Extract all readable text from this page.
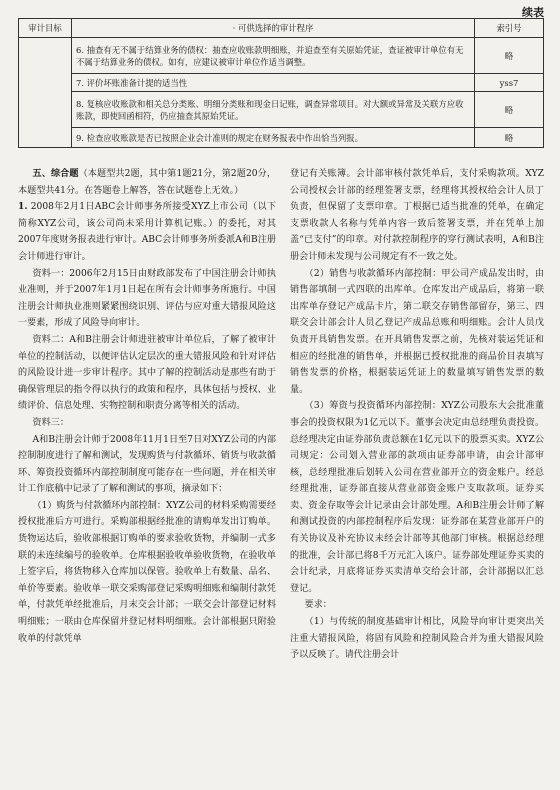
续表
审计目标	· 可供选择的审计程序	索引号
	6. 抽查有无不属于结算业务的债权：抽查应收账款明细账，并追查至有关原始凭证，查证被审计单位有无不属于结算业务的债权。如有，应建议被审计单位作适当调整。	略
	7. 评价坏账准备计提的适当性	yss7
	8. 复核应收账款和相关总分类账、明细分类账和现金日记账，调查异常项目。对大额或异常及关联方应收账款，即使回函相符，仍应抽查其原始凭证。	略
	9. 检查应收账款是否已按照企业会计准则的规定在财务报表中作出恰当列报。	略

五、综合题（本题型共2题，其中第1题21分，第2题20分，本题型共41分。在答题卷上解答，答在试题卷上无效。）

1. 2008年2月1日ABC会计师事务所接受XYZ上市公司（以下简称XYZ公司，该公司尚未采用计算机记账。）的委托，对其2007年度财务报表进行审计。ABC会计师事务所委派A和B注册会计师进行审计。

资料一：2006年2月15日由财政部发布了中国注册会计师执业准则，并于2007年1月1日起在所有会计师事务所施行。中国注册会计师执业准则紧紧围绕识别、评估与应对重大错报风险这一要素，形成了风险导向审计。

资料二：A和B注册会计师进驻被审计单位后，了解了被审计单位的控制活动，以便评估认定层次的重大错报风险和针对评估的风险设计进一步审计程序。其中了解的控制活动是那些有助于确保管理层的指令得以执行的政策和程序，具体包括与授权、业绩评价、信息处理、实物控制和职责分离等相关的活动。

资料三：

A和B注册会计师于2008年11月1日至7日对XYZ公司的内部控制制度进行了解和测试，发现购货与付款循环、销货与收款循环、筹资投资循环内部控制制度可能存在一些问题，并在相关审计工作底稿中记录了了解和测试的事项，摘录如下：

（1）购货与付款循环内部控制：XYZ公司的材料采购需要经授权批准后方可进行。采购部根据经批准的请购单发出订购单。货物运达后，验收部根据订购单的要求验收货物，并编制一式多联的未连续编号的验收单。仓库根据验收单验收货物，在验收单上签字后，将货物移入仓库加以保管。验收单上有数量、品名、单价等要素。验收单一联交采购部登记采购明细账和编制付款凭单，付款凭单经批准后，月末交会计部；一联交会计部登记材料明细账；一联由仓库保留并登记材料明细账。会计部根据只附验收单的付款凭单

登记有关账簿。会计部审核付款凭单后，支付采购款项。XYZ公司授权会计部的经理签署支票，经理将其授权给会计人员丁负责，但保留了支票印章。丁根据已适当批准的凭单，在确定支票收款人名称与凭单内容一致后签署支票，并在凭单上加盖“已支付”的印章。对付款控制程序的穿行测试表明，A和B注册会计师未发现与公司规定有不一致之处。

（2）销售与收款循环内部控制：甲公司产成品发出时，由销售部填制一式四联的出库单。仓库发出产成品后，将第一联出库单存登记产成品卡片，第二联交存销售部留存，第三、四联交会计部会计人员乙登记产成品总账和明细账。会计人员戊负责开具销售发票。在开具销售发票之前，先核对装运凭证和相应的经批准的销售单，并根据已授权批准的商品价目表填写销售发票的价格，根据装运凭证上的数量填写销售发票的数量。

（3）筹资与投资循环内部控制：XYZ公司股东大会批准董事会的投资权限为1亿元以下。董事会决定由总经理负责投资。总经理决定由证券部负责总额在1亿元以下的股票买卖。XYZ公司规定：公司划入营业部的款项由证券部申请，由会计部审核，总经理批准后划转入公司在营业部开立的资金账户。经总经理批准，证券部直接从营业部资金账户支取款项。证券买卖、资金存取等会计记录由会计部处理。A和B注册会计师了解和测试投资的内部控制程序后发现：证券部在某营业部开户的有关协议及补充协议未经会计部等其他部门审核。根据总经理的批准，会计部已将8千万元汇入该户。证券部处理证券买卖的会计纪录，月底将证券买卖清单交给会计部，会计部据以汇总登记。

要求：

（1）与传统的制度基础审计相比，风险导向审计更突出关注重大错报风险，将固有风险和控制风险合并为重大错报风险予以反映了。请代注册会计
